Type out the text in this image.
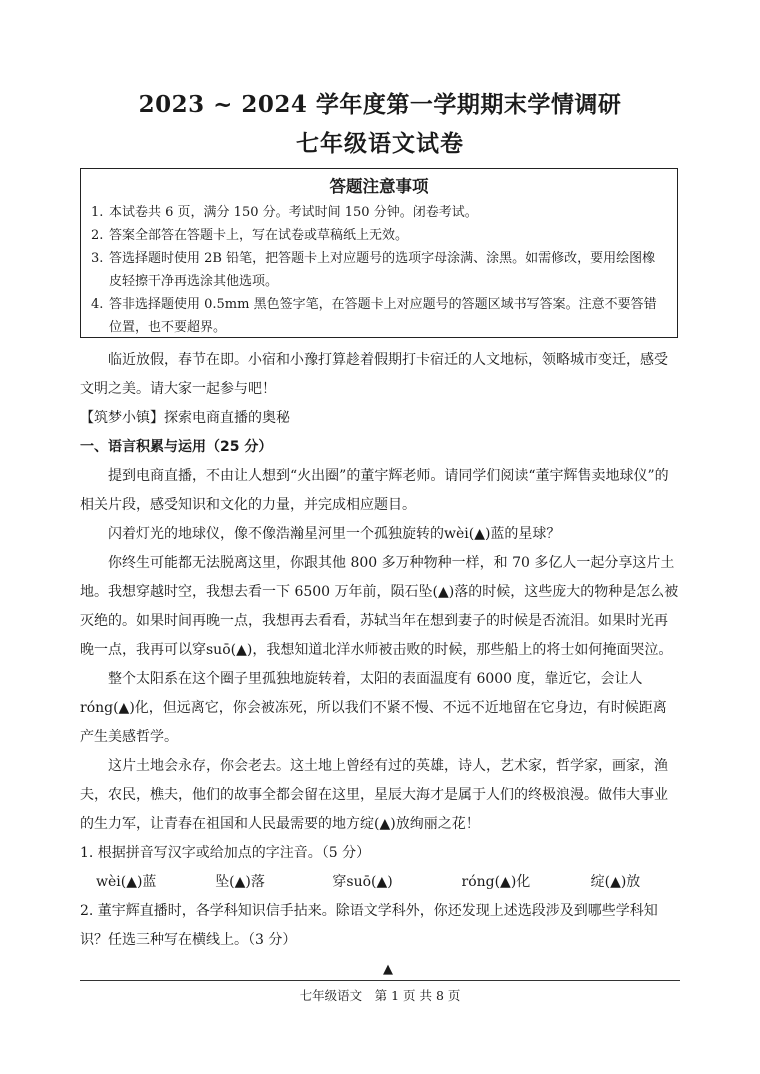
2023 ~ 2024 学年度第一学期期末学情调研
七年级语文试卷
答题注意事项
1. 本试卷共 6 页，满分 150 分。考试时间 150 分钟。闭卷考试。
2. 答案全部答在答题卡上，写在试卷或草稿纸上无效。
3. 答选择题时使用 2B 铅笔，把答题卡上对应题号的选项字母涂满、涂黑。如需修改，要用绘图橡皮轻擦干净再选涂其他选项。
4. 答非选择题使用 0.5mm 黑色签字笔，在答题卡上对应题号的答题区域书写答案。注意不要答错位置，也不要超界。

临近放假，春节在即。小宿和小豫打算趁着假期打卡宿迁的人文地标，领略城市变迁，感受文明之美。请大家一起参与吧！

【筑梦小镇】探索电商直播的奥秘

一、语言积累与运用（25 分）

提到电商直播，不由让人想到“火出圈”的董宇辉老师。请同学们阅读“董宇辉售卖地球仪”的相关片段，感受知识和文化的力量，并完成相应题目。

闪着灯光的地球仪，像不像浩瀚星河里一个孤独旋转的wèi(▲)蓝的星球？

你终生可能都无法脱离这里，你跟其他 800 多万种物种一样，和 70 多亿人一起分享这片土地。我想穿越时空，我想去看一下 6500 万年前，陨石坠(▲)落的时候，这些庞大的物种是怎么被灭绝的。如果时间再晚一点，我想再去看看，苏轼当年在想到妻子的时候是否流泪。如果时光再晚一点，我再可以穿suō(▲)，我想知道北洋水师被击败的时候，那些船上的将士如何掩面哭泣。

整个太阳系在这个圈子里孤独地旋转着，太阳的表面温度有 6000 度，靠近它，会让人róng(▲)化，但远离它，你会被冻死，所以我们不紧不慢、不远不近地留在它身边，有时候距离产生美感哲学。

这片土地会永存，你会老去。这土地上曾经有过的英雄，诗人，艺术家，哲学家，画家，渔夫，农民，樵夫，他们的故事全都会留在这里，星辰大海才是属于人们的终极浪漫。做伟大事业的生力军，让青春在祖国和人民最需要的地方绽(▲)放绚丽之花！

1. 根据拼音写汉字或给加点的字注音。（5 分）

wèi(▲)蓝	坠(▲)落	穿suō(▲)	róng(▲)化	绽(▲)放

2. 董宇辉直播时，各学科知识信手拈来。除语文学科外，你还发现上述选段涉及到哪些学科知识？任选三种写在横线上。（3 分）

▲
七年级语文　第 1 页 共 8 页
